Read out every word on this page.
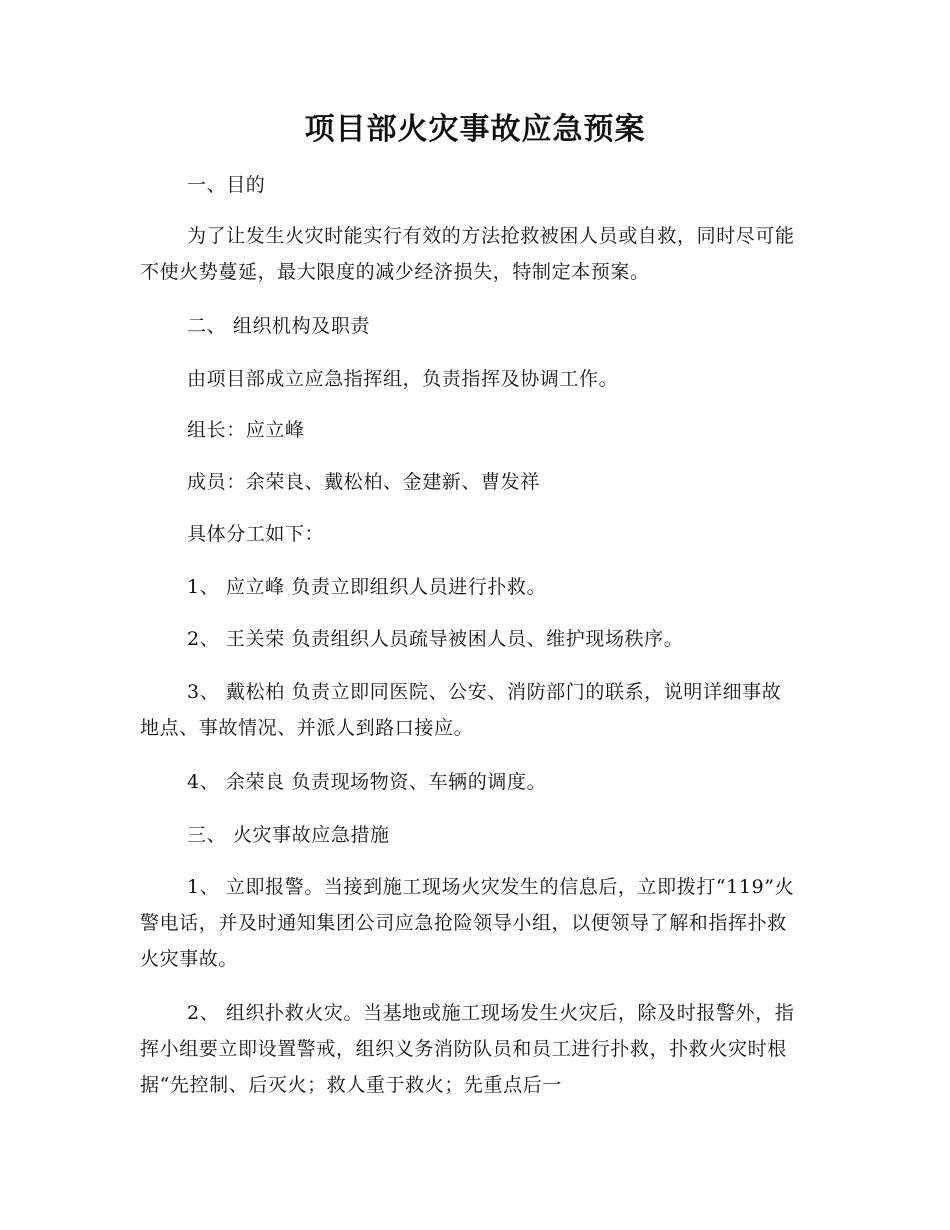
项目部火灾事故应急预案
一、目的
为了让发生火灾时能实行有效的方法抢救被困人员或自救，同时尽可能不使火势蔓延，最大限度的减少经济损失，特制定本预案。
二、 组织机构及职责
由项目部成立应急指挥组，负责指挥及协调工作。
组长：应立峰
成员：余荣良、戴松柏、金建新、曹发祥
具体分工如下：
1、 应立峰 负责立即组织人员进行扑救。
2、 王关荣 负责组织人员疏导被困人员、维护现场秩序。
3、 戴松柏 负责立即同医院、公安、消防部门的联系，说明详细事故地点、事故情况、并派人到路口接应。
4、 余荣良 负责现场物资、车辆的调度。
三、 火灾事故应急措施
1、 立即报警。当接到施工现场火灾发生的信息后，立即拨打“119”火警电话，并及时通知集团公司应急抢险领导小组，以便领导了解和指挥扑救火灾事故。
2、 组织扑救火灾。当基地或施工现场发生火灾后，除及时报警外，指挥小组要立即设置警戒，组织义务消防队员和员工进行扑救，扑救火灾时根据“先控制、后灭火；救人重于救火；先重点后一
